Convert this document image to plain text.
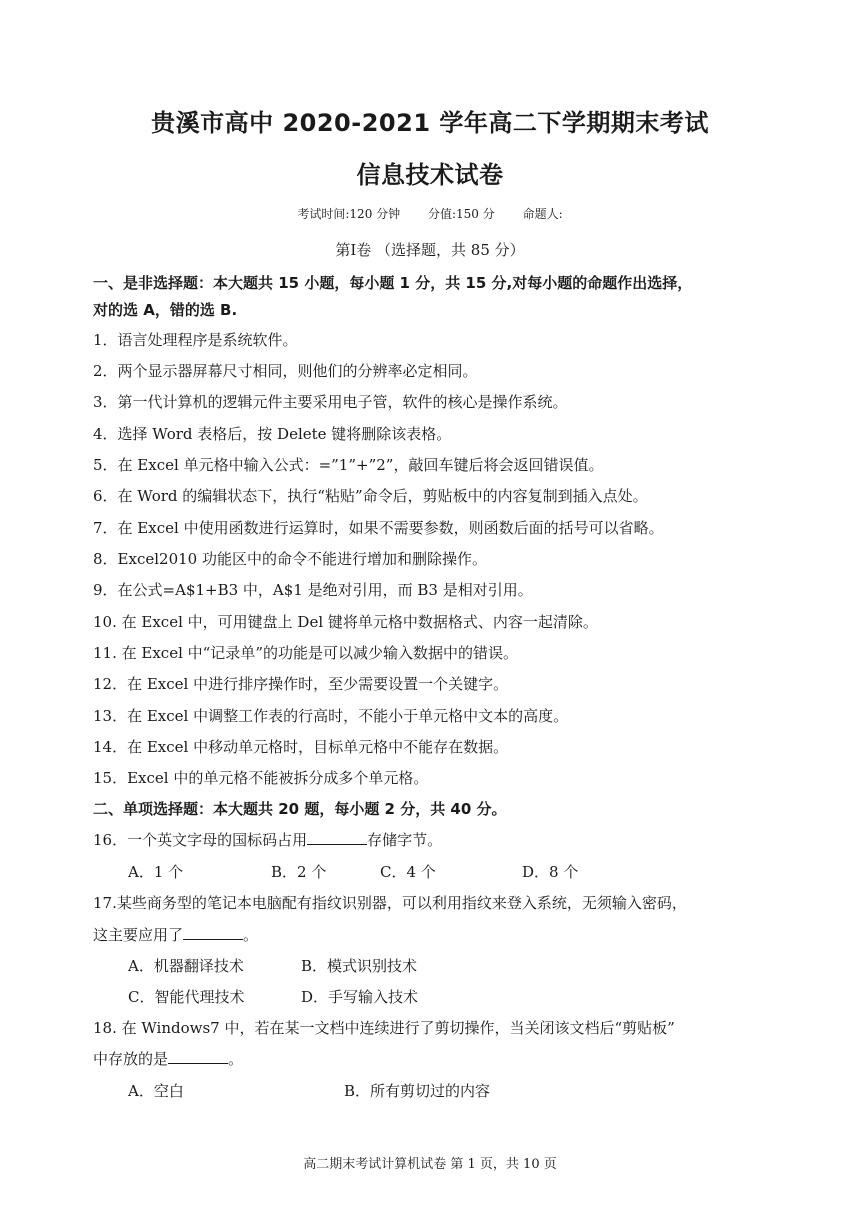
贵溪市高中 2020-2021 学年高二下学期期末考试
信息技术试卷
考试时间:120 分钟 分值:150 分 命题人:
第Ⅰ卷 （选择题，共 85 分）
一、是非选择题：本大题共 15 小题，每小题 1 分，共 15 分,对每小题的命题作出选择，
对的选 A，错的选 B.
1．语言处理程序是系统软件。
2．两个显示器屏幕尺寸相同，则他们的分辨率必定相同。
3．第一代计算机的逻辑元件主要采用电子管，软件的核心是操作系统。
4．选择 Word 表格后，按 Delete 键将删除该表格。
5．在 Excel 单元格中输入公式：=”1”+”2”，敲回车键后将会返回错误值。
6．在 Word 的编辑状态下，执行“粘贴”命令后，剪贴板中的内容复制到插入点处。
7．在 Excel 中使用函数进行运算时，如果不需要参数，则函数后面的括号可以省略。
8．Excel2010 功能区中的命令不能进行增加和删除操作。
9．在公式=A$1+B3 中，A$1 是绝对引用，而 B3 是相对引用。
10. 在 Excel 中，可用键盘上 Del 键将单元格中数据格式、内容一起清除。
11. 在 Excel 中“记录单”的功能是可以减少输入数据中的错误。
12．在 Excel 中进行排序操作时，至少需要设置一个关键字。
13．在 Excel 中调整工作表的行高时，不能小于单元格中文本的高度。
14．在 Excel 中移动单元格时，目标单元格中不能存在数据。
15．Excel 中的单元格不能被拆分成多个单元格。
二、单项选择题：本大题共 20 题，每小题 2 分，共 40 分。
16．一个英文字母的国标码占用	存储字节。
A．1 个	B．2 个	C．4 个	D．8 个
17.某些商务型的笔记本电脑配有指纹识别器，可以利用指纹来登入系统，无须输入密码，
这主要应用了	。
A．机器翻译技术	B．模式识别技术
C．智能代理技术	D．手写输入技术
18. 在 Windows7 中，若在某一文档中连续进行了剪切操作，当关闭该文档后“剪贴板”
中存放的是	。
A．空白	B．所有剪切过的内容
高二期末考试计算机试卷 第 1 页，共 10 页
